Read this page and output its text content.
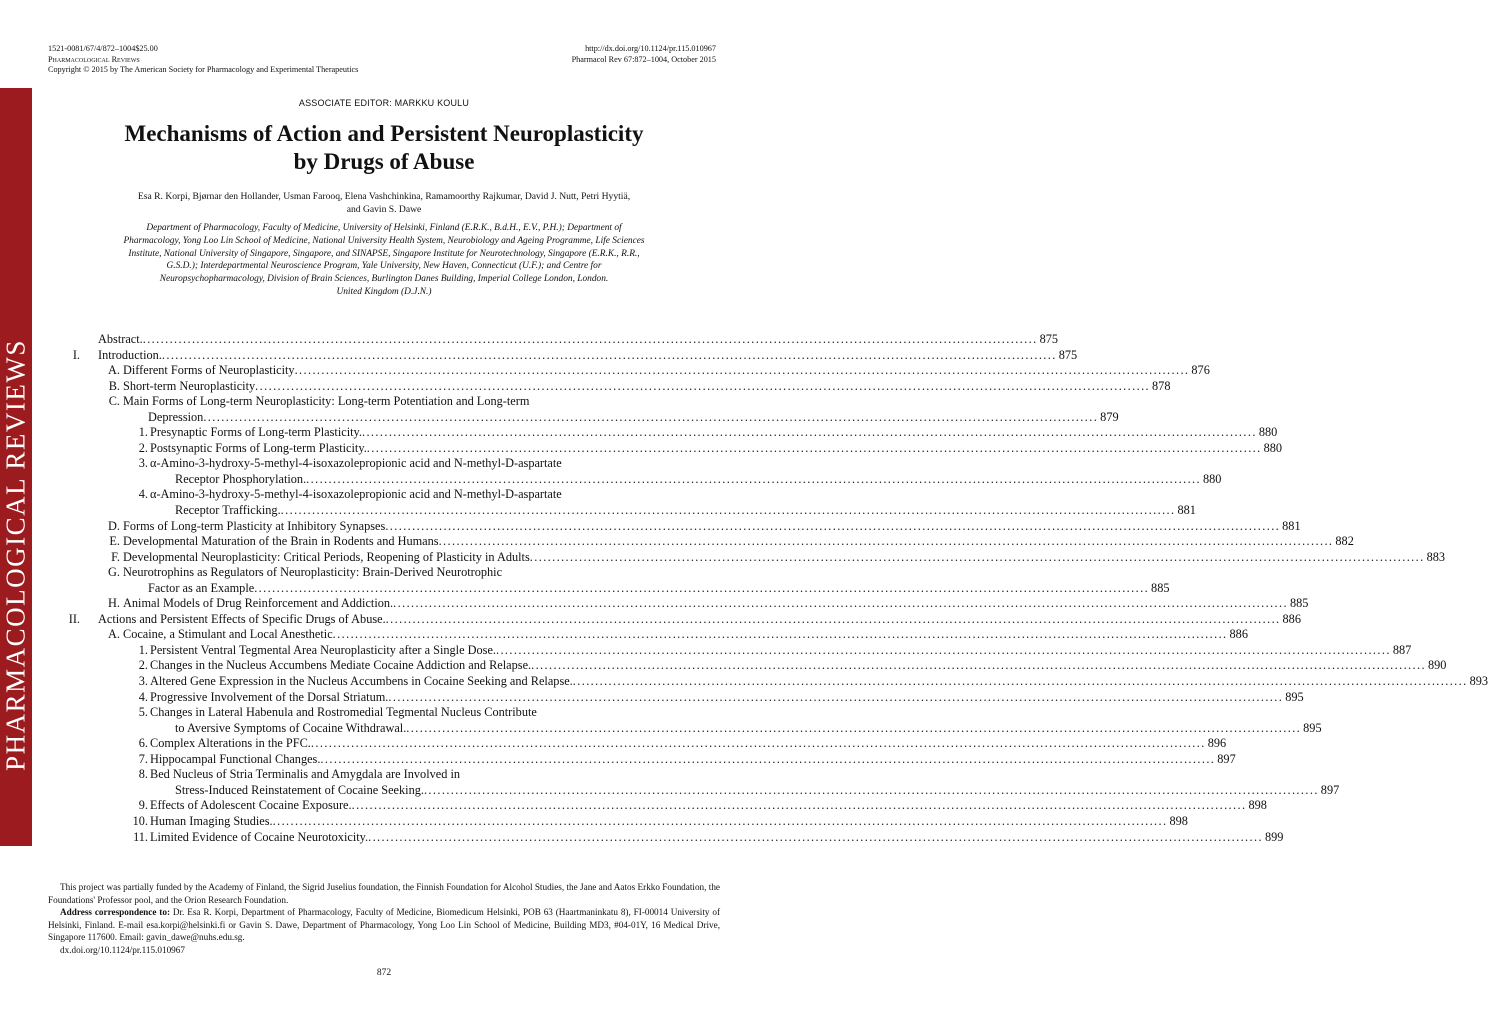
PHARMACOLOGICAL REVIEWS
1521-0081/67/4/872–1004$25.00
Pharmacological Reviews
Copyright © 2015 by The American Society for Pharmacology and Experimental Therapeutics
http://dx.doi.org/10.1124/pr.115.010967
Pharmacol Rev 67:872–1004, October 2015
ASSOCIATE EDITOR: MARKKU KOULU
Mechanisms of Action and Persistent Neuroplasticity
by Drugs of Abuse
Esa R. Korpi, Bjørnar den Hollander, Usman Farooq, Elena Vashchinkina, Ramamoorthy Rajkumar, David J. Nutt, Petri Hyytiä,
and Gavin S. Dawe
Department of Pharmacology, Faculty of Medicine, University of Helsinki, Finland (E.R.K., B.d.H., E.V., P.H.); Department of
Pharmacology, Yong Loo Lin School of Medicine, National University Health System, Neurobiology and Ageing Programme, Life Sciences
Institute, National University of Singapore, Singapore, and SINAPSE, Singapore Institute for Neurotechnology, Singapore (E.R.K., R.R.,
G.S.D.); Interdepartmental Neuroscience Program, Yale University, New Haven, Connecticut (U.F.); and Centre for
Neuropsychopharmacology, Division of Brain Sciences, Burlington Danes Building, Imperial College London, London.
United Kingdom (D.J.N.)
Abstract. ........................................................................................................................................................................................................ 875
I. Introduction. ........................................................................................................................................................................................................ 875
A. Different Forms of Neuroplasticity ........................................................................................................................................................................................................ 876
B. Short-term Neuroplasticity ........................................................................................................................................................................................................ 878
C. Main Forms of Long-term Neuroplasticity: Long-term Potentiation and Long-term
Depression ........................................................................................................................................................................................................ 879
1. Presynaptic Forms of Long-term Plasticity. ........................................................................................................................................................................................................ 880
2. Postsynaptic Forms of Long-term Plasticity. ........................................................................................................................................................................................................ 880
3. α-Amino-3-hydroxy-5-methyl-4-isoxazolepropionic acid and N-methyl-D-aspartate
Receptor Phosphorylation. ........................................................................................................................................................................................................ 880
4. α-Amino-3-hydroxy-5-methyl-4-isoxazolepropionic acid and N-methyl-D-aspartate
Receptor Trafficking. ........................................................................................................................................................................................................ 881
D. Forms of Long-term Plasticity at Inhibitory Synapses ........................................................................................................................................................................................................ 881
E. Developmental Maturation of the Brain in Rodents and Humans ........................................................................................................................................................................................................ 882
F. Developmental Neuroplasticity: Critical Periods, Reopening of Plasticity in Adults ........................................................................................................................................................................................................ 883
G. Neurotrophins as Regulators of Neuroplasticity: Brain-Derived Neurotrophic
Factor as an Example ........................................................................................................................................................................................................ 885
H. Animal Models of Drug Reinforcement and Addiction. ........................................................................................................................................................................................................ 885
II. Actions and Persistent Effects of Specific Drugs of Abuse. ........................................................................................................................................................................................................ 886
A. Cocaine, a Stimulant and Local Anesthetic ........................................................................................................................................................................................................ 886
1. Persistent Ventral Tegmental Area Neuroplasticity after a Single Dose. ........................................................................................................................................................................................................ 887
2. Changes in the Nucleus Accumbens Mediate Cocaine Addiction and Relapse. ........................................................................................................................................................................................................ 890
3. Altered Gene Expression in the Nucleus Accumbens in Cocaine Seeking and Relapse. ........................................................................................................................................................................................................ 893
4. Progressive Involvement of the Dorsal Striatum. ........................................................................................................................................................................................................ 895
5. Changes in Lateral Habenula and Rostromedial Tegmental Nucleus Contribute
to Aversive Symptoms of Cocaine Withdrawal. ........................................................................................................................................................................................................ 895
6. Complex Alterations in the PFC. ........................................................................................................................................................................................................ 896
7. Hippocampal Functional Changes. ........................................................................................................................................................................................................ 897
8. Bed Nucleus of Stria Terminalis and Amygdala are Involved in
Stress-Induced Reinstatement of Cocaine Seeking. ........................................................................................................................................................................................................ 897
9. Effects of Adolescent Cocaine Exposure. ........................................................................................................................................................................................................ 898
10. Human Imaging Studies. ........................................................................................................................................................................................................ 898
11. Limited Evidence of Cocaine Neurotoxicity. ........................................................................................................................................................................................................ 899

This project was partially funded by the Academy of Finland, the Sigrid Juselius foundation, the Finnish Foundation for Alcohol Studies, the Jane and Aatos Erkko Foundation, the Foundations' Professor pool, and the Orion Research Foundation.

Address correspondence to: Dr. Esa R. Korpi, Department of Pharmacology, Faculty of Medicine, Biomedicum Helsinki, POB 63 (Haartmaninkatu 8), FI-00014 University of Helsinki, Finland. E-mail esa.korpi@helsinki.fi or Gavin S. Dawe, Department of Pharmacology, Yong Loo Lin School of Medicine, Building MD3, #04-01Y, 16 Medical Drive, Singapore 117600. Email: gavin_dawe@nuhs.edu.sg.

dx.doi.org/10.1124/pr.115.010967

872
